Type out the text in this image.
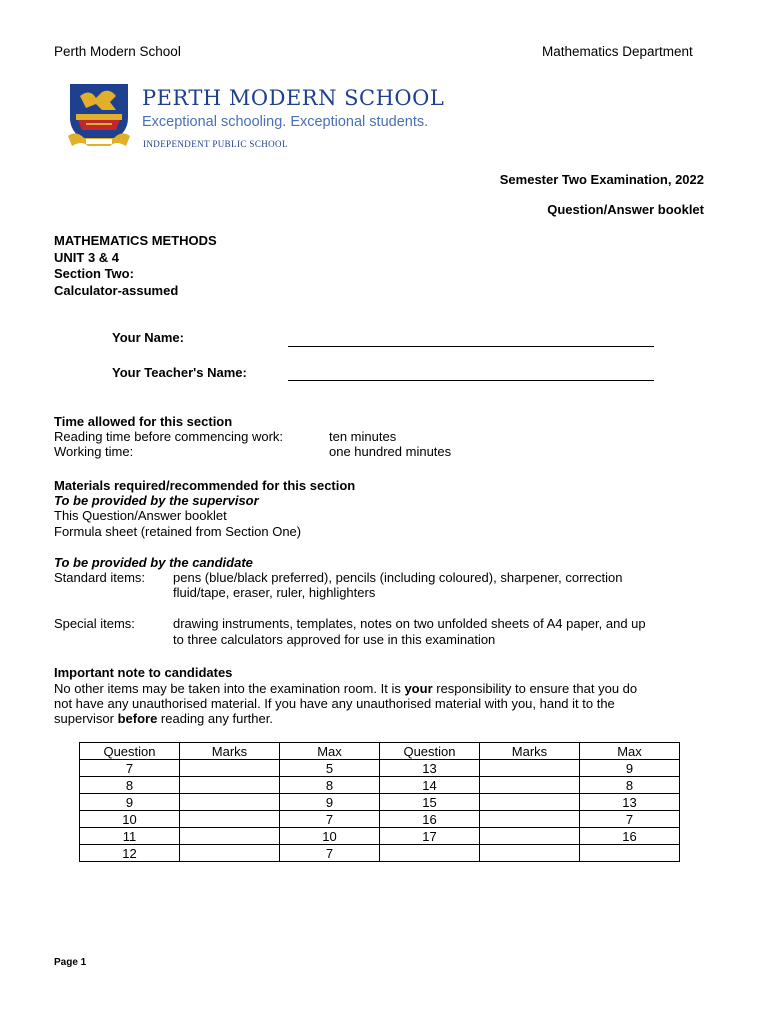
Perth Modern School	Mathematics Department
PERTH MODERN SCHOOL
Exceptional schooling. Exceptional students.
INDEPENDENT PUBLIC SCHOOL
Semester Two Examination, 2022
Question/Answer booklet
MATHEMATICS METHODS
UNIT 3 & 4
Section Two:
Calculator-assumed
Your Name:
Your Teacher's Name:
Time allowed for this section
Reading time before commencing work:	ten minutes
Working time:	one hundred minutes
Materials required/recommended for this section
To be provided by the supervisor
This Question/Answer booklet
Formula sheet (retained from Section One)
To be provided by the candidate
Standard items: pens (blue/black preferred), pencils (including coloured), sharpener, correction
fluid/tape, eraser, ruler, highlighters
Special items:	drawing instruments, templates, notes on two unfolded sheets of A4 paper, and up
to three calculators approved for use in this examination
Important note to candidates
No other items may be taken into the examination room. It is your responsibility to ensure that you do
not have any unauthorised material. If you have any unauthorised material with you, hand it to the
supervisor before reading any further.
Question	Marks	Max	Question	Marks	Max
7		5	13		9
8		8	14		8
9		9	15		13
10		7	16		7
11		10	17		16
12		7			
Page 1
